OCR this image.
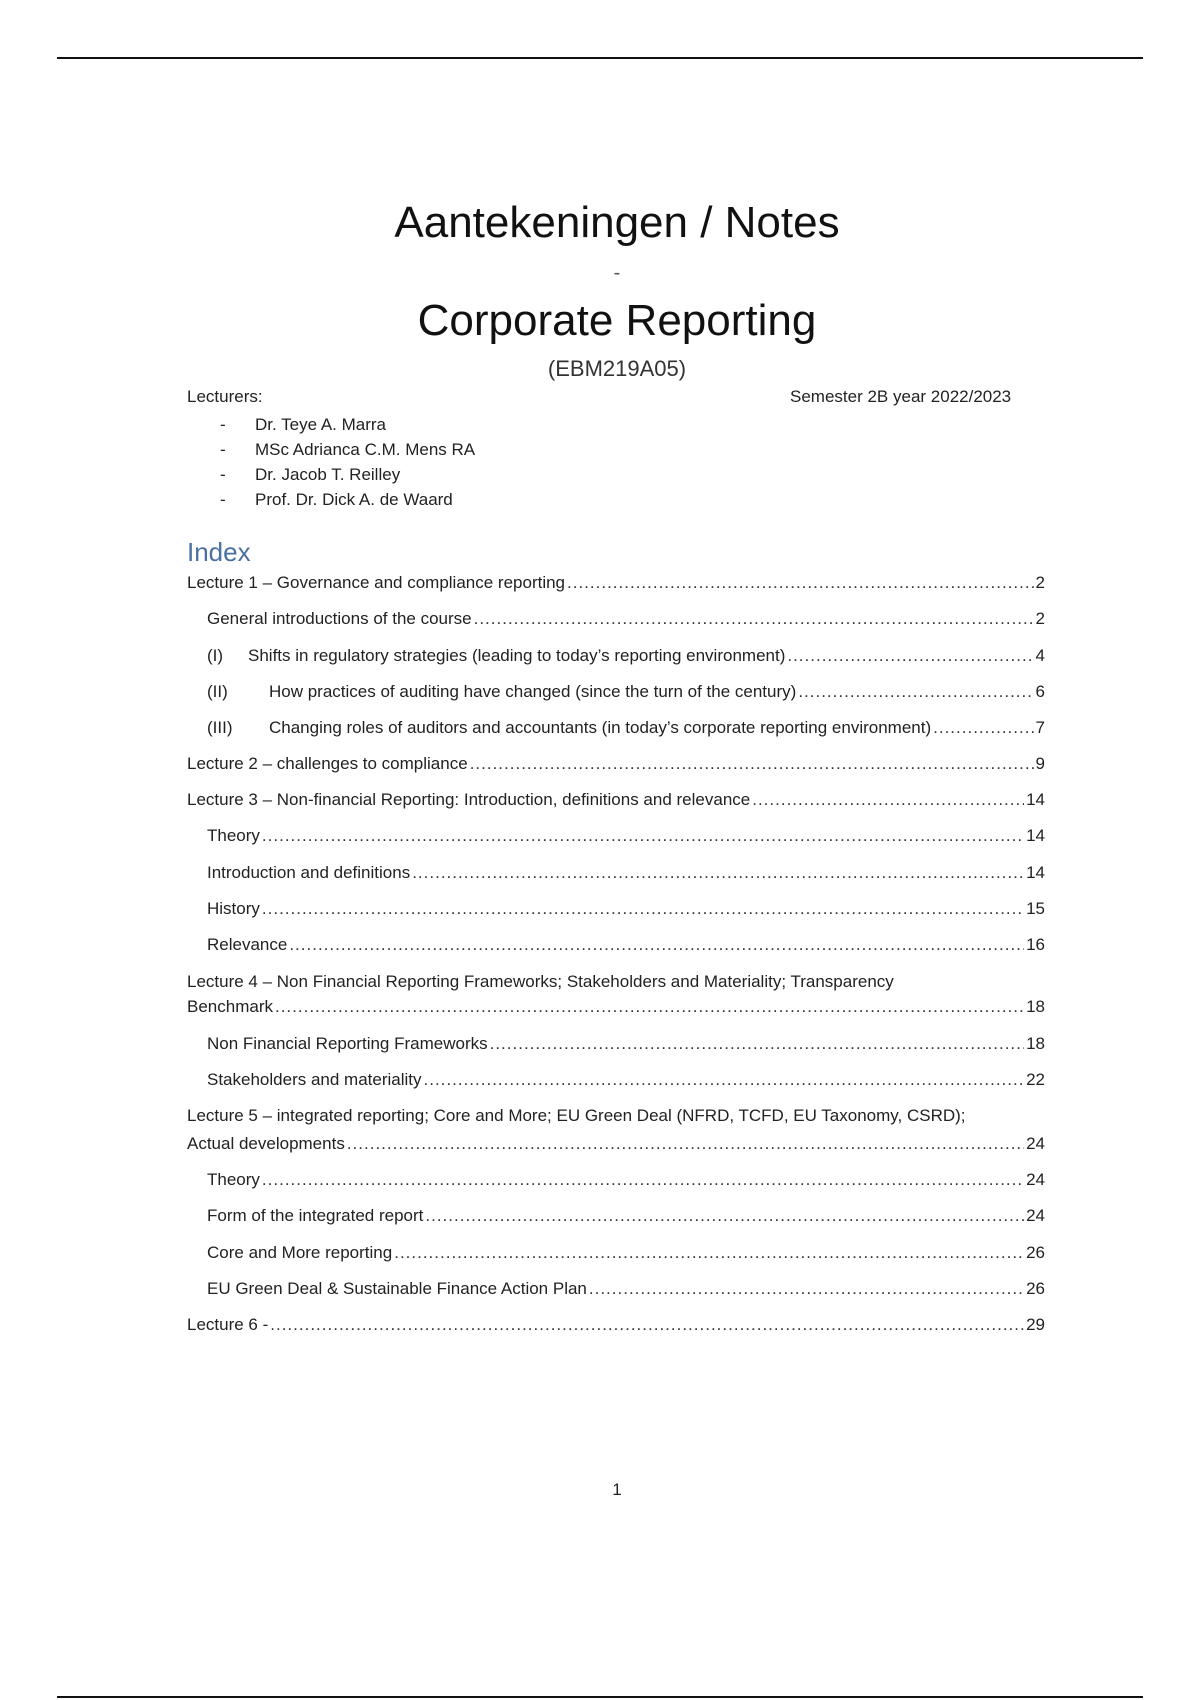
Aantekeningen / Notes
-
Corporate Reporting
(EBM219A05)
Lecturers:	Semester 2B year 2022/2023
- Dr. Teye A. Marra
- MSc Adrianca C.M. Mens RA
- Dr. Jacob T. Reilley
- Prof. Dr. Dick A. de Waard
Index
Lecture 1 – Governance and compliance reporting .....	2
General introductions of the course .....	2
(I)	Shifts in regulatory strategies (leading to today’s reporting environment) .....	4
(II)	How practices of auditing have changed (since the turn of the century) .....	6
(III)	Changing roles of auditors and accountants (in today’s corporate reporting environment) .....	7
Lecture 2 – challenges to compliance .....	9
Lecture 3 – Non-financial Reporting: Introduction, definitions and relevance .....	14
Theory .....	14
Introduction and definitions .....	14
History .....	15
Relevance .....	16
Lecture 4 – Non Financial Reporting Frameworks; Stakeholders and Materiality; Transparency
Benchmark .....	18
Non Financial Reporting Frameworks .....	18
Stakeholders and materiality .....	22
Lecture 5 – integrated reporting; Core and More; EU Green Deal (NFRD, TCFD, EU Taxonomy, CSRD);
Actual developments .....	24
Theory .....	24
Form of the integrated report .....	24
Core and More reporting .....	26
EU Green Deal & Sustainable Finance Action Plan .....	26
Lecture 6 - .....	29
1
